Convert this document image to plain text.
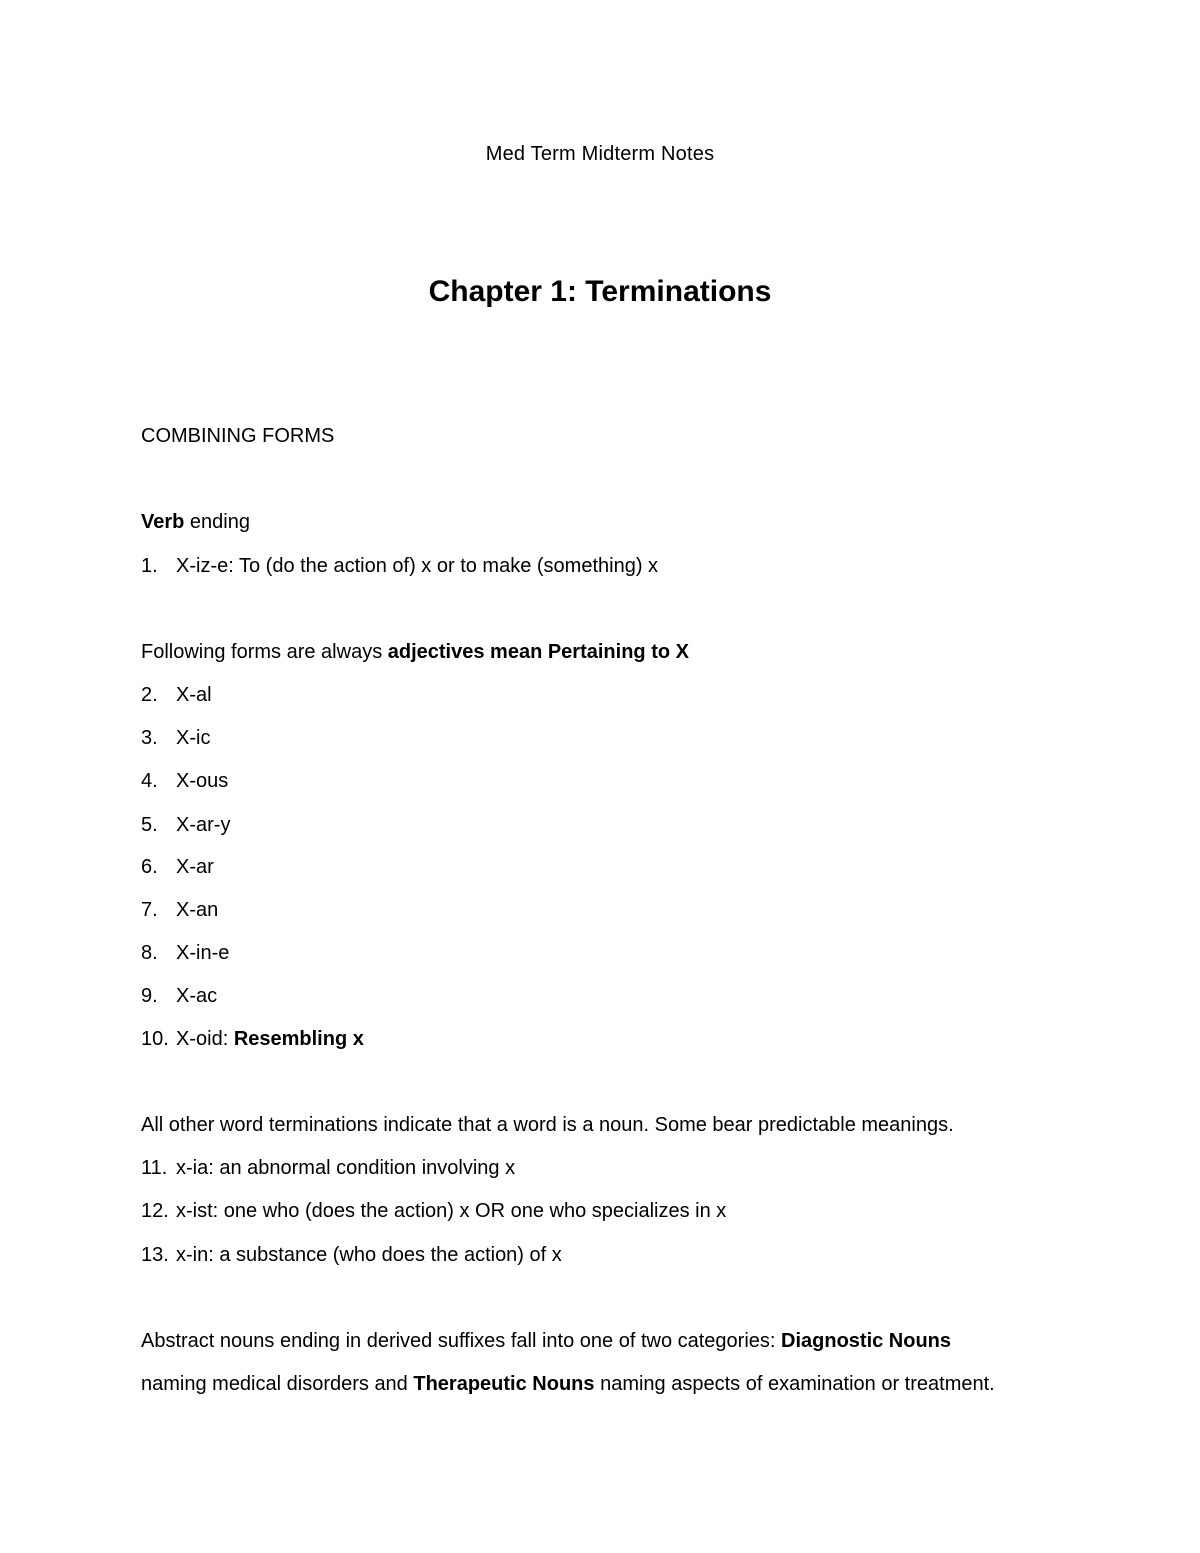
Med Term Midterm Notes
Chapter 1: Terminations
COMBINING FORMS
Verb ending
1. X-iz-e: To (do the action of) x or to make (something) x
Following forms are always adjectives mean Pertaining to X
2. X-al
3. X-ic
4. X-ous
5. X-ar-y
6. X-ar
7. X-an
8. X-in-e
9. X-ac
10. X-oid: Resembling x
All other word terminations indicate that a word is a noun. Some bear predictable meanings.
11. x-ia: an abnormal condition involving x
12. x-ist: one who (does the action) x OR one who specializes in x
13. x-in: a substance (who does the action) of x
Abstract nouns ending in derived suffixes fall into one of two categories: Diagnostic Nouns
naming medical disorders and Therapeutic Nouns naming aspects of examination or treatment.
